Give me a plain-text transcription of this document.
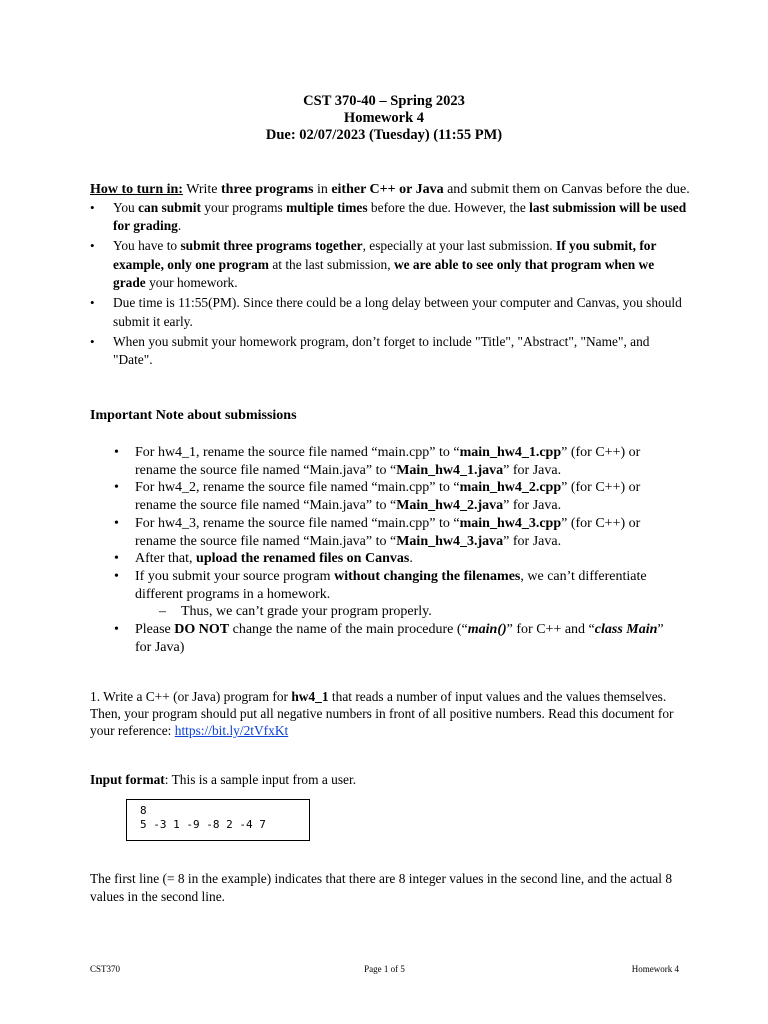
CST 370-40 – Spring 2023
Homework 4
Due: 02/07/2023 (Tuesday) (11:55 PM)
How to turn in: Write three programs in either C++ or Java and submit them on Canvas before the due.
• You can submit your programs multiple times before the due. However, the last submission will be used for grading.
• You have to submit three programs together, especially at your last submission. If you submit, for example, only one program at the last submission, we are able to see only that program when we grade your homework.
• Due time is 11:55(PM). Since there could be a long delay between your computer and Canvas, you should submit it early.
• When you submit your homework program, don’t forget to include "Title", "Abstract", "Name", and "Date".
Important Note about submissions
• For hw4_1, rename the source file named “main.cpp” to “main_hw4_1.cpp” (for C++) or rename the source file named “Main.java” to “Main_hw4_1.java” for Java.
• For hw4_2, rename the source file named “main.cpp” to “main_hw4_2.cpp” (for C++) or rename the source file named “Main.java” to “Main_hw4_2.java” for Java.
• For hw4_3, rename the source file named “main.cpp” to “main_hw4_3.cpp” (for C++) or rename the source file named “Main.java” to “Main_hw4_3.java” for Java.
• After that, upload the renamed files on Canvas.
• If you submit your source program without changing the filenames, we can’t differentiate different programs in a homework.
– Thus, we can’t grade your program properly.
• Please DO NOT change the name of the main procedure (“main()” for C++ and “class Main” for Java)
1. Write a C++ (or Java) program for hw4_1 that reads a number of input values and the values themselves. Then, your program should put all negative numbers in front of all positive numbers. Read this document for your reference: https://bit.ly/2tVfxKt
Input format: This is a sample input from a user.
8
5 -3 1 -9 -8 2 -4 7
The first line (= 8 in the example) indicates that there are 8 integer values in the second line, and the actual 8 values in the second line.
CST370	Page 1 of 5	Homework 4
